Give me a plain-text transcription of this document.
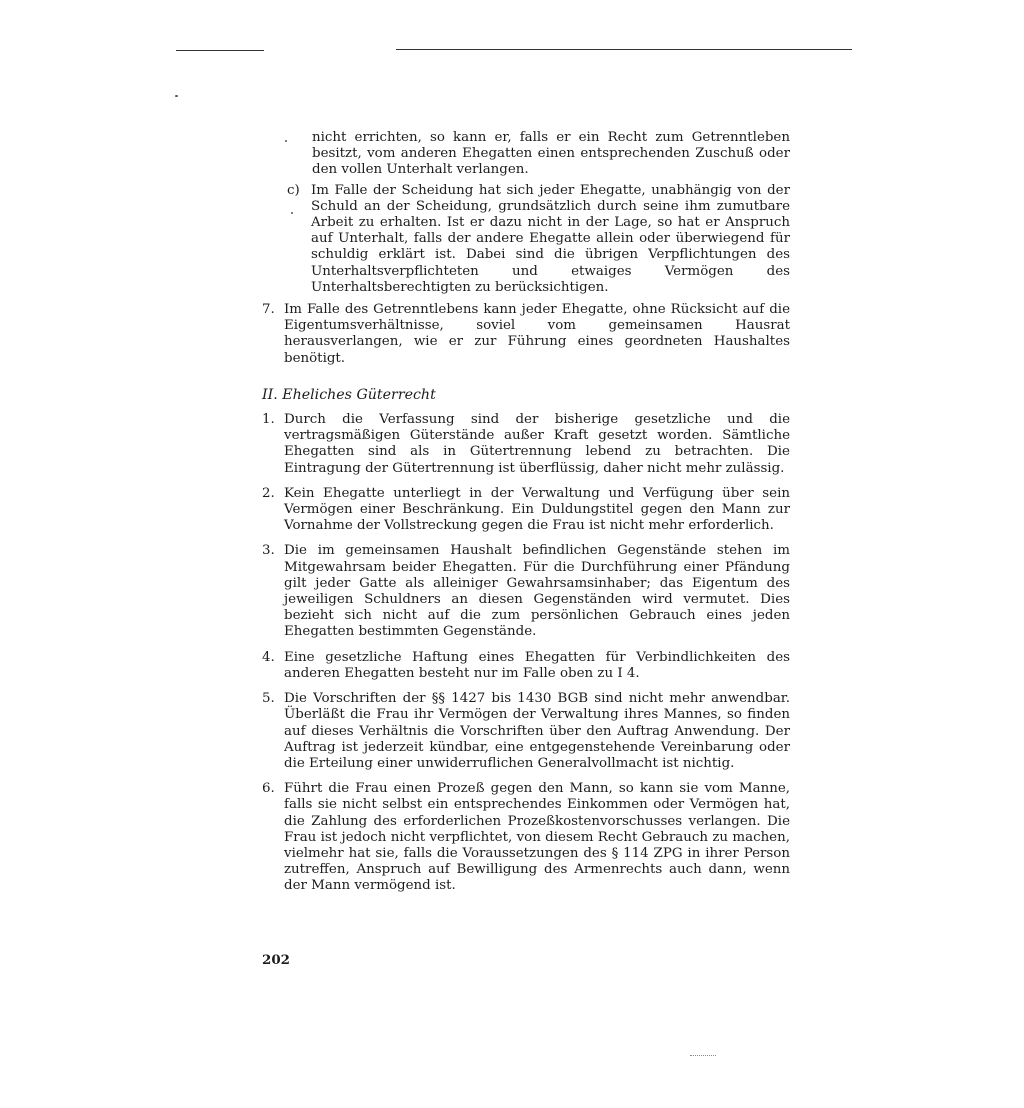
nicht errichten, so kann er, falls er ein Recht zum Getrenntleben besitzt, vom anderen Ehegatten einen entsprechenden Zuschuß oder den vollen Unterhalt verlangen.
c) Im Falle der Scheidung hat sich jeder Ehegatte, unabhängig von der Schuld an der Scheidung, grundsätzlich durch seine ihm zumutbare Arbeit zu erhalten. Ist er dazu nicht in der Lage, so hat er Anspruch auf Unterhalt, falls der andere Ehegatte allein oder überwiegend für schuldig erklärt ist. Dabei sind die übrigen Verpflichtungen des Unterhaltsverpflichteten und etwaiges Vermögen des Unterhaltsberechtigten zu berücksichtigen.
7. Im Falle des Getrenntlebens kann jeder Ehegatte, ohne Rücksicht auf die Eigentumsverhältnisse, soviel vom gemeinsamen Hausrat herausverlangen, wie er zur Führung eines geordneten Haushaltes benötigt.
II. Eheliches Güterrecht
1. Durch die Verfassung sind der bisherige gesetzliche und die vertragsmäßigen Güterstände außer Kraft gesetzt worden. Sämtliche Ehegatten sind als in Gütertrennung lebend zu betrachten. Die Eintragung der Gütertrennung ist überflüssig, daher nicht mehr zulässig.
2. Kein Ehegatte unterliegt in der Verwaltung und Verfügung über sein Vermögen einer Beschränkung. Ein Duldungstitel gegen den Mann zur Vornahme der Vollstreckung gegen die Frau ist nicht mehr erforderlich.
3. Die im gemeinsamen Haushalt befindlichen Gegenstände stehen im Mitgewahrsam beider Ehegatten. Für die Durchführung einer Pfändung gilt jeder Gatte als alleiniger Gewahrsamsinhaber; das Eigentum des jeweiligen Schuldners an diesen Gegenständen wird vermutet. Dies bezieht sich nicht auf die zum persönlichen Gebrauch eines jeden Ehegatten bestimmten Gegenstände.
4. Eine gesetzliche Haftung eines Ehegatten für Verbindlichkeiten des anderen Ehegatten besteht nur im Falle oben zu I 4.
5. Die Vorschriften der §§ 1427 bis 1430 BGB sind nicht mehr anwendbar. Überläßt die Frau ihr Vermögen der Verwaltung ihres Mannes, so finden auf dieses Verhältnis die Vorschriften über den Auftrag Anwendung. Der Auftrag ist jederzeit kündbar, eine entgegenstehende Vereinbarung oder die Erteilung einer unwiderruflichen Generalvollmacht ist nichtig.
6. Führt die Frau einen Prozeß gegen den Mann, so kann sie vom Manne, falls sie nicht selbst ein entsprechendes Einkommen oder Vermögen hat, die Zahlung des erforderlichen Prozeßkostenvorschusses verlangen. Die Frau ist jedoch nicht verpflichtet, von diesem Recht Gebrauch zu machen, vielmehr hat sie, falls die Voraussetzungen des § 114 ZPG in ihrer Person zutreffen, Anspruch auf Bewilligung des Armenrechts auch dann, wenn der Mann vermögend ist.
202
